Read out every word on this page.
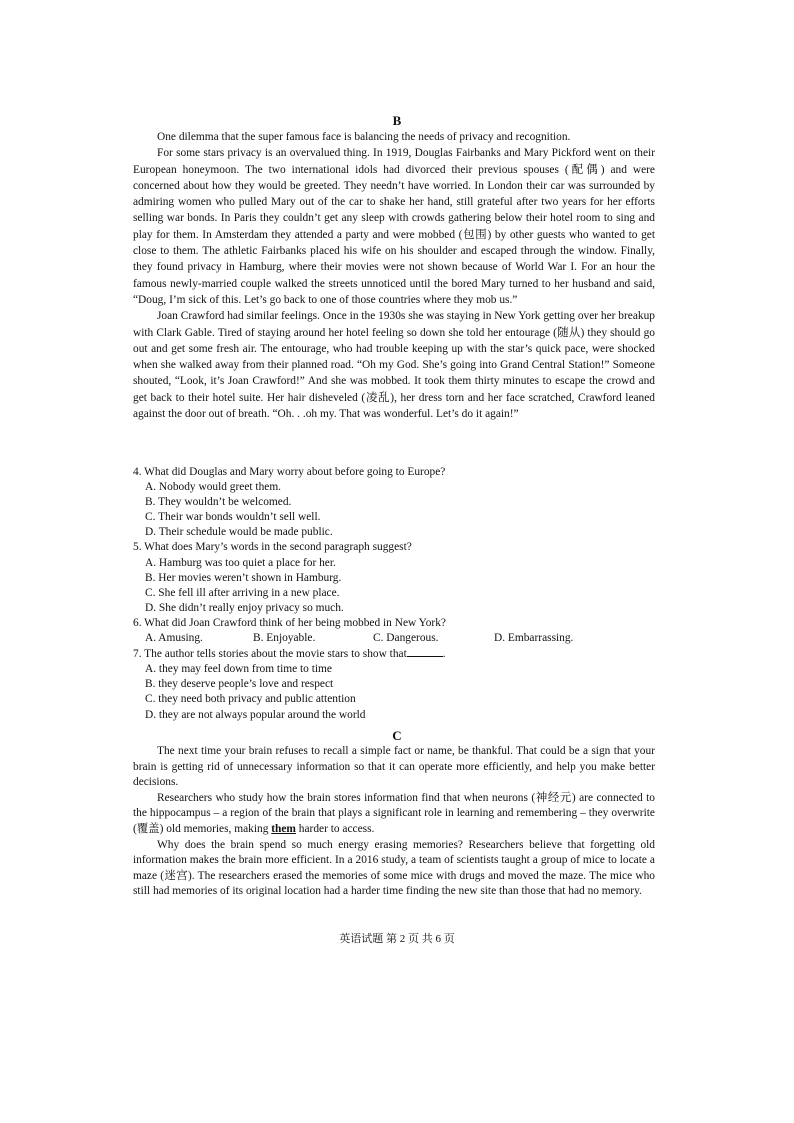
B

One dilemma that the super famous face is balancing the needs of privacy and recognition.

For some stars privacy is an overvalued thing. In 1919, Douglas Fairbanks and Mary Pickford went on their European honeymoon. The two international idols had divorced their previous spouses (配偶) and were concerned about how they would be greeted. They needn’t have worried. In London their car was surrounded by admiring women who pulled Mary out of the car to shake her hand, still grateful after two years for her efforts selling war bonds. In Paris they couldn’t get any sleep with crowds gathering below their hotel room to sing and play for them. In Amsterdam they attended a party and were mobbed (包围) by other guests who wanted to get close to them. The athletic Fairbanks placed his wife on his shoulder and escaped through the window. Finally, they found privacy in Hamburg, where their movies were not shown because of World War I. For an hour the famous newly-married couple walked the streets unnoticed until the bored Mary turned to her husband and said, “Doug, I’m sick of this. Let’s go back to one of those countries where they mob us.”

Joan Crawford had similar feelings. Once in the 1930s she was staying in New York getting over her breakup with Clark Gable. Tired of staying around her hotel feeling so down she told her entourage (随从) they should go out and get some fresh air. The entourage, who had trouble keeping up with the star’s quick pace, were shocked when she walked away from their planned road. “Oh my God. She’s going into Grand Central Station!” Someone shouted, “Look, it’s Joan Crawford!” And she was mobbed. It took them thirty minutes to escape the crowd and get back to their hotel suite. Her hair disheveled (凌乱), her dress torn and her face scratched, Crawford leaned against the door out of breath. “Oh. . .oh my. That was wonderful. Let’s do it again!”

4. What did Douglas and Mary worry about before going to Europe?
A. Nobody would greet them.
B. They wouldn’t be welcomed.
C. Their war bonds wouldn’t sell well.
D. Their schedule would be made public.
5. What does Mary’s words in the second paragraph suggest?
A. Hamburg was too quiet a place for her.
B. Her movies weren’t shown in Hamburg.
C. She fell ill after arriving in a new place.
D. She didn’t really enjoy privacy so much.
6. What did Joan Crawford think of her being mobbed in New York?
A. Amusing.	B. Enjoyable.	C. Dangerous.	D. Embarrassing.
7. The author tells stories about the movie stars to show that	.
A. they may feel down from time to time
B. they deserve people’s love and respect
C. they need both privacy and public attention
D. they are not always popular around the world
C

The next time your brain refuses to recall a simple fact or name, be thankful. That could be a sign that your brain is getting rid of unnecessary information so that it can operate more efficiently, and help you make better decisions.

Researchers who study how the brain stores information find that when neurons (神经元) are connected to the hippocampus – a region of the brain that plays a significant role in learning and remembering – they overwrite (覆盖) old memories, making them harder to access.

Why does the brain spend so much energy erasing memories? Researchers believe that forgetting old information makes the brain more efficient. In a 2016 study, a team of scientists taught a group of mice to locate a maze (迷宫). The researchers erased the memories of some mice with drugs and moved the maze. The mice who still had memories of its original location had a harder time finding the new site than those that had no memory.

英语试题 第 2 页 共 6 页
